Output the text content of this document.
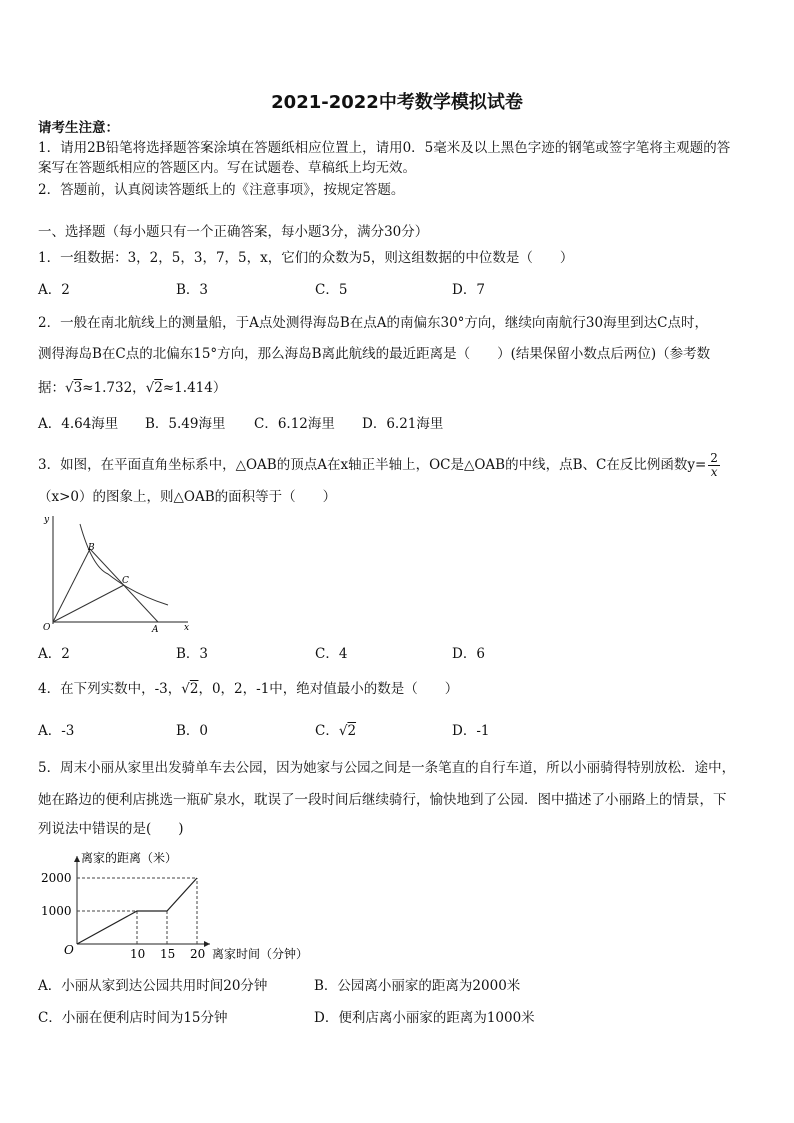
2021-2022中考数学模拟试卷
请考生注意：
1．请用2B铅笔将选择题答案涂填在答题纸相应位置上，请用0．5毫米及以上黑色字迹的钢笔或签字笔将主观题的答
案写在答题纸相应的答题区内。写在试题卷、草稿纸上均无效。
2．答题前，认真阅读答题纸上的《注意事项》，按规定答题。
一、选择题（每小题只有一个正确答案，每小题3分，满分30分）
1．一组数据：3，2，5，3，7，5，x，它们的众数为5，则这组数据的中位数是（　　）
A．2	B．3	C．5	D．7
2．一般在南北航线上的测量船，于A点处测得海岛B在点A的南偏东30°方向，继续向南航行30海里到达C点时，
测得海岛B在C点的北偏东15°方向，那么海岛B离此航线的最近距离是（　　）(结果保留小数点后两位)（参考数
据：√3≈1.732，√2≈1.414）
A．4.64海里 B．5.49海里 C．6.12海里 D．6.21海里
3．如图，在平面直角坐标系中，△OAB的顶点A在x轴正半轴上，OC是△OAB的中线，点B、C在反比例函数$y= \frac{2}{x}$
（x>0）的图象上，则△OAB的面积等于（　　）
y
O	x
A
B
C
A．2	B．3	C．4	D．6
4．在下列实数中，-3，√2，0，2，-1中，绝对值最小的数是（　　）
A．-3	B．0	C．√2	D．-1
5．周末小丽从家里出发骑单车去公园，因为她家与公园之间是一条笔直的自行车道，所以小丽骑得特别放松．途中，
她在路边的便利店挑选一瓶矿泉水，耽误了一段时间后继续骑行，愉快地到了公园．图中描述了小丽路上的情景，下
列说法中错误的是(　　)
离家的距离（米）
离家时间（分钟）
O
1000
2000
10 15 20
A．小丽从家到达公园共用时间20分钟	B．公园离小丽家的距离为2000米
C．小丽在便利店时间为15分钟	D．便利店离小丽家的距离为1000米
